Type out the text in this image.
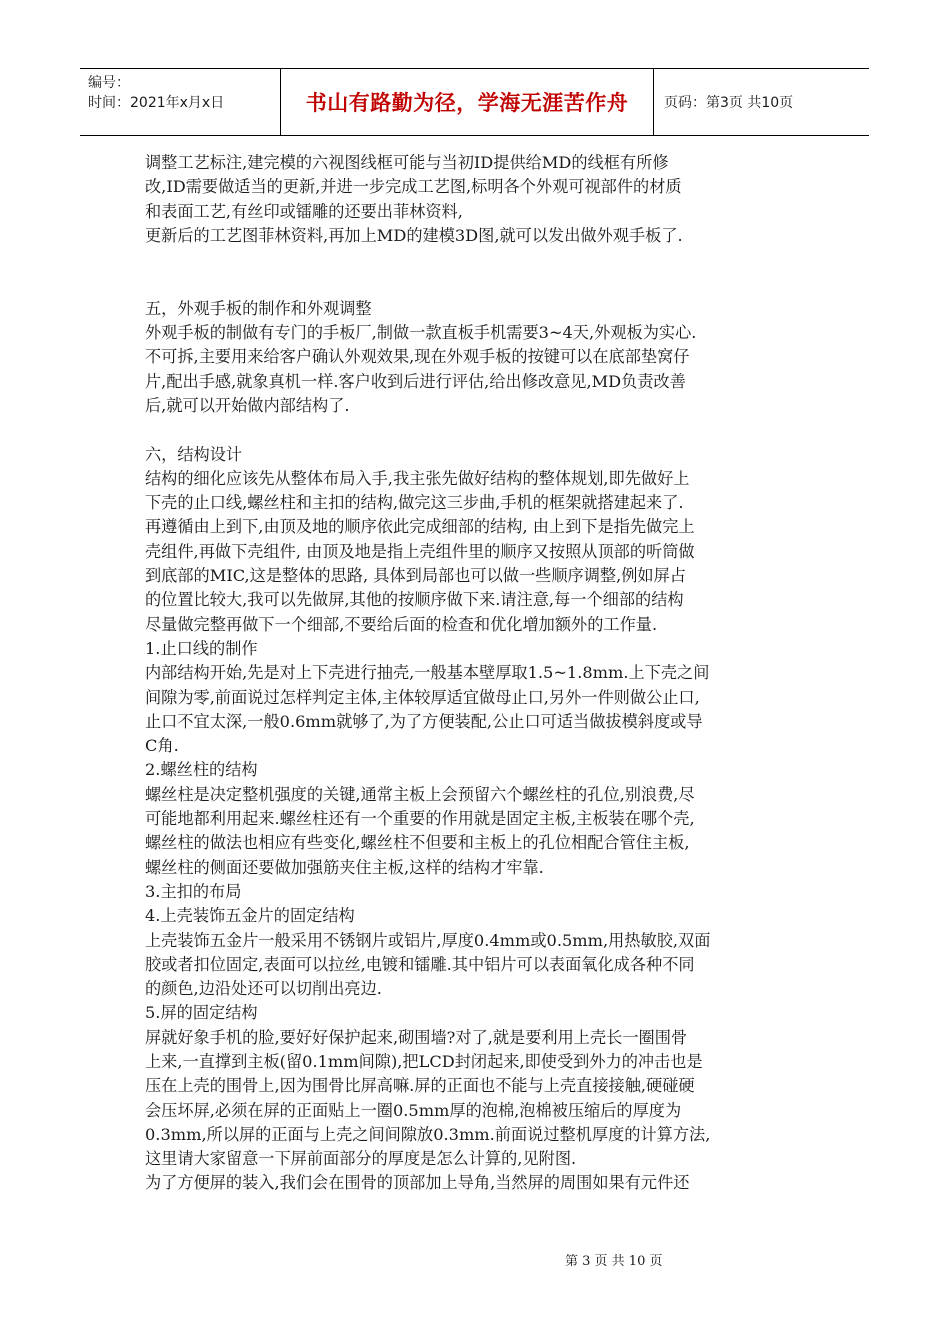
编号：
时间：2021年x月x日	书山有路勤为径，学海无涯苦作舟	页码：第3页 共10页

调整工艺标注,建完模的六视图线框可能与当初ID提供给MD的线框有所修

改,ID需要做适当的更新,并进一步完成工艺图,标明各个外观可视部件的材质

和表面工艺,有丝印或镭雕的还要出菲林资料,

更新后的工艺图菲林资料,再加上MD的建模3D图,就可以发出做外观手板了.

五，外观手板的制作和外观调整

外观手板的制做有专门的手板厂,制做一款直板手机需要3~4天,外观板为实心.

不可拆,主要用来给客户确认外观效果,现在外观手板的按键可以在底部垫窝仔

片,配出手感,就象真机一样.客户收到后进行评估,给出修改意见,MD负责改善

后,就可以开始做内部结构了.

六，结构设计

结构的细化应该先从整体布局入手,我主张先做好结构的整体规划,即先做好上

下壳的止口线,螺丝柱和主扣的结构,做完这三步曲,手机的框架就搭建起来了.

再遵循由上到下,由顶及地的顺序依此完成细部的结构, 由上到下是指先做完上

壳组件,再做下壳组件, 由顶及地是指上壳组件里的顺序又按照从顶部的听筒做

到底部的MIC,这是整体的思路, 具体到局部也可以做一些顺序调整,例如屏占

的位置比较大,我可以先做屏,其他的按顺序做下来.请注意,每一个细部的结构

尽量做完整再做下一个细部,不要给后面的检查和优化增加额外的工作量.

1.止口线的制作

内部结构开始,先是对上下壳进行抽壳,一般基本壁厚取1.5~1.8mm.上下壳之间

间隙为零,前面说过怎样判定主体,主体较厚适宜做母止口,另外一件则做公止口,

止口不宜太深,一般0.6mm就够了,为了方便装配,公止口可适当做拔模斜度或导

C角.

2.螺丝柱的结构

螺丝柱是决定整机强度的关键,通常主板上会预留六个螺丝柱的孔位,别浪费,尽

可能地都利用起来.螺丝柱还有一个重要的作用就是固定主板,主板装在哪个壳,

螺丝柱的做法也相应有些变化,螺丝柱不但要和主板上的孔位相配合管住主板,

螺丝柱的侧面还要做加强筋夹住主板,这样的结构才牢靠.

3.主扣的布局

4.上壳装饰五金片的固定结构

上壳装饰五金片一般采用不锈钢片或铝片,厚度0.4mm或0.5mm,用热敏胶,双面

胶或者扣位固定,表面可以拉丝,电镀和镭雕.其中铝片可以表面氧化成各种不同

的颜色,边沿处还可以切削出亮边.

5.屏的固定结构

屏就好象手机的脸,要好好保护起来,砌围墙?对了,就是要利用上壳长一圈围骨

上来,一直撑到主板(留0.1mm间隙),把LCD封闭起来,即使受到外力的冲击也是

压在上壳的围骨上,因为围骨比屏高嘛.屏的正面也不能与上壳直接接触,硬碰硬

会压坏屏,必须在屏的正面贴上一圈0.5mm厚的泡棉,泡棉被压缩后的厚度为

0.3mm,所以屏的正面与上壳之间间隙放0.3mm.前面说过整机厚度的计算方法,

这里请大家留意一下屏前面部分的厚度是怎么计算的,见附图.

为了方便屏的装入,我们会在围骨的顶部加上导角,当然屏的周围如果有元件还

第 3 页 共 10 页
